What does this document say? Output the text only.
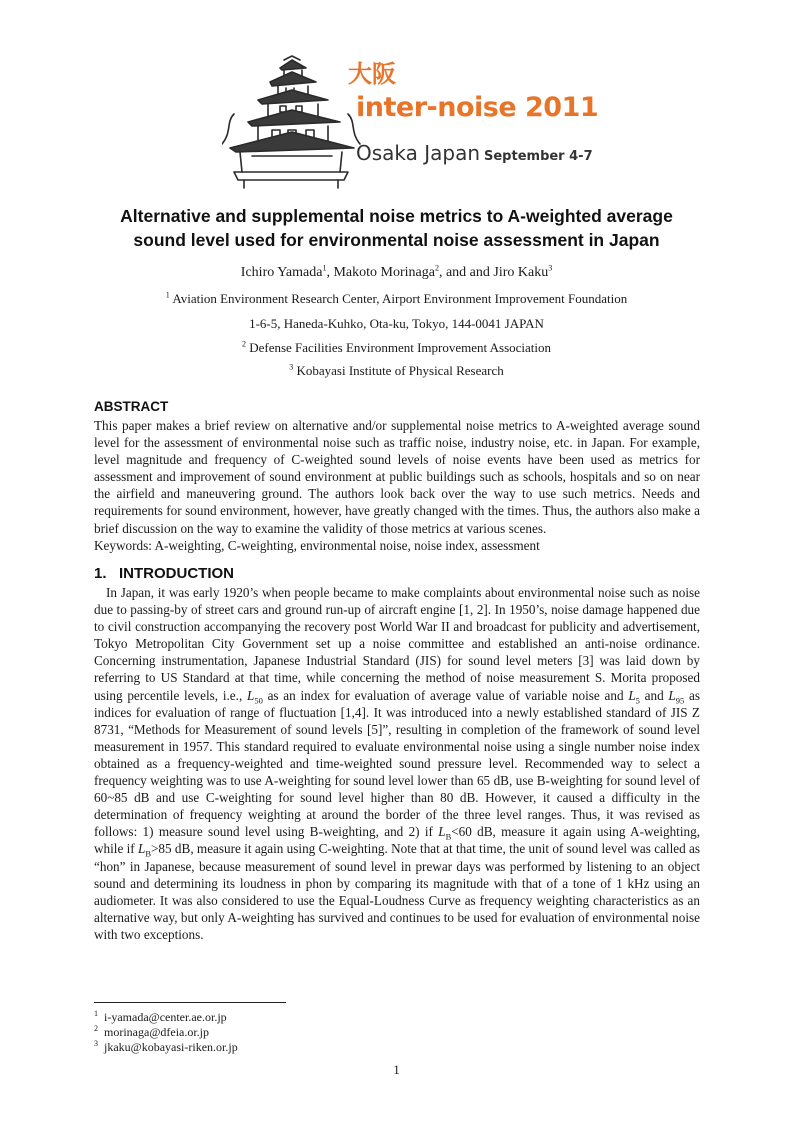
大阪
inter-noise 2011
Osaka Japan September 4-7
Alternative and supplemental noise metrics to A-weighted average
sound level used for environmental noise assessment in Japan
Ichiro Yamada$^1$, Makoto Morinaga$^2$, and and Jiro Kaku$^3$
$^1$ Aviation Environment Research Center, Airport Environment Improvement Foundation
1-6-5, Haneda-Kuhko, Ota-ku, Tokyo, 144-0041 JAPAN
$^2$ Defense Facilities Environment Improvement Association
$^3$ Kobayasi Institute of Physical Research
ABSTRACT

This paper makes a brief review on alternative and/or supplemental noise metrics to A-weighted average sound level for the assessment of environmental noise such as traffic noise, industry noise, etc. in Japan. For example, level magnitude and frequency of C-weighted sound levels of noise events have been used as metrics for assessment and improvement of sound environment at public buildings such as schools, hospitals and so on near the airfield and maneuvering ground. The authors look back over the way to use such metrics. Needs and requirements for sound environment, however, have greatly changed with the times. Thus, the authors also make a brief discussion on the way to examine the validity of those metrics at various scenes.

Keywords: A-weighting, C-weighting, environmental noise, noise index, assessment

1.   INTRODUCTION

In Japan, it was early 1920’s when people became to make complaints about environmental noise such as noise due to passing-by of street cars and ground run-up of aircraft engine [1, 2]. In 1950’s, noise damage happened due to civil construction accompanying the recovery post World War II and broadcast for publicity and advertisement, Tokyo Metropolitan City Government set up a noise committee and established an anti-noise ordinance. Concerning instrumentation, Japanese Industrial Standard (JIS) for sound level meters [3] was laid down by referring to US Standard at that time, while concerning the method of noise measurement S. Morita proposed using percentile levels, i.e., $L_{50}$ as an index for evaluation of average value of variable noise and $L_5$ and $L_{95}$ as indices for evaluation of range of fluctuation [1,4]. It was introduced into a newly established standard of JIS Z 8731, “Methods for Measurement of sound levels [5]”, resulting in completion of the framework of sound level measurement in 1957. This standard required to evaluate environmental noise using a single number noise index obtained as a frequency-weighted and time-weighted sound pressure level. Recommended way to select a frequency weighting was to use A-weighting for sound level lower than 65 dB, use B-weighting for sound level of 60~85 dB and use C-weighting for sound level higher than 80 dB. However, it caused a difficulty in the determination of frequency weighting at around the border of the three level ranges. Thus, it was revised as follows: 1) measure sound level using B-weighting, and 2) if $L_B<60$ dB, measure it again using A-weighting, while if $L_B>85$ dB, measure it again using C-weighting. Note that at that time, the unit of sound level was called as “hon” in Japanese, because measurement of sound level in prewar days was performed by listening to an object sound and determining its loudness in phon by comparing its magnitude with that of a tone of 1 kHz using an audiometer. It was also considered to use the Equal-Loudness Curve as frequency weighting characteristics as an alternative way, but only A-weighting has survived and continues to be used for evaluation of environmental noise with two exceptions.

$^1$ i-yamada@center.ae.or.jp
$^2$ morinaga@dfeia.or.jp
$^3$ jkaku@kobayasi-riken.or.jp
1
